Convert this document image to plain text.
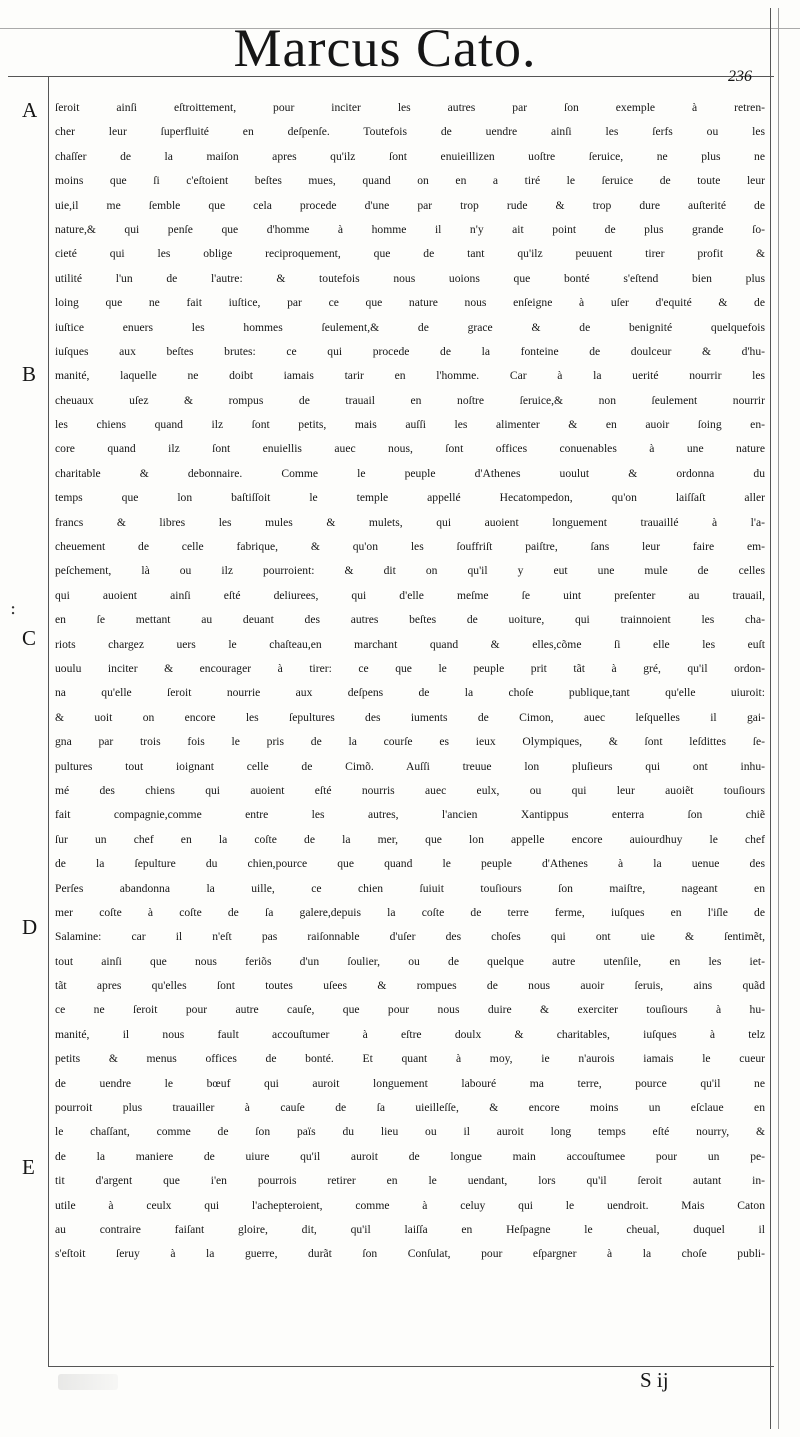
Marcus Cato.	236
A
B
:
C
D
E
ſeroit ainſi eſtroittement, pour inciter les autres par ſon exemple à retren-
cher leur ſuperfluité en deſpenſe. Toutefois de uendre ainſi les ſerfs ou les
chaſſer de la maiſon apres qu'ilz ſont enuieillizen uoſtre ſeruice, ne plus ne
moins que ſi c'eſtoient beſtes mues, quand on en a tiré le ſeruice de toute leur
uie,il me ſemble que cela procede d'une par trop rude & trop dure auſterité de
nature,& qui penſe que d'homme à homme il n'y ait point de plus grande ſo-
cieté qui les oblige reciproquement, que de tant qu'ilz peuuent tirer profit &
utilité l'un de l'autre: & toutefois nous uoions que bonté s'eſtend bien plus
loing que ne fait iuſtice, par ce que nature nous enſeigne à uſer d'equité & de
iuſtice enuers les hommes ſeulement,& de grace & de benignité quelquefois
iuſques aux beſtes brutes: ce qui procede de la fonteine de doulceur & d'hu-
manité, laquelle ne doibt iamais tarir en l'homme. Car à la uerité nourrir les
cheuaux uſez & rompus de trauail en noſtre ſeruice,& non ſeulement nourrir
les chiens quand ilz ſont petits, mais auſſi les alimenter & en auoir ſoing en-
core quand ilz ſont enuiellis auec nous, ſont offices conuenables à une nature
charitable & debonnaire. Comme le peuple d'Athenes uoulut & ordonna du
temps que lon baſtiſſoit le temple appellé Hecatompedon, qu'on laiſſaſt aller
francs & libres les mules & mulets, qui auoient longuement trauaillé à l'a-
cheuement de celle fabrique, & qu'on les ſouffriſt paiſtre, ſans leur faire em-
peſchement, là ou ilz pourroient: & dit on qu'il y eut une mule de celles
qui auoient ainſi eſté deliurees, qui d'elle meſme ſe uint preſenter au trauail,
en ſe mettant au deuant des autres beſtes de uoiture, qui trainnoient les cha-
riots chargez uers le chaſteau,en marchant quand & elles,cõme ſi elle les euſt
uoulu inciter & encourager à tirer: ce que le peuple prit tãt à gré, qu'il ordon-
na qu'elle ſeroit nourrie aux deſpens de la choſe publique,tant qu'elle uiuroit:
& uoit on encore les ſepultures des iuments de Cimon, auec leſquelles il gai-
gna par trois fois le pris de la courſe es ieux Olympiques, & ſont leſdittes ſe-
pultures tout ioignant celle de Cimõ. Auſſi treuue lon pluſieurs qui ont inhu-
mé des chiens qui auoient eſté nourris auec eulx, ou qui leur auoiẽt touſiours
fait compagnie,comme entre les autres, l'ancien Xantippus enterra ſon chiẽ
ſur un chef en la coſte de la mer, que lon appelle encore auiourdhuy le chef
de la ſepulture du chien,pource que quand le peuple d'Athenes à la uenue des
Perſes abandonna la uille, ce chien ſuiuit touſiours ſon maiſtre, nageant en
mer coſte à coſte de ſa galere,depuis la coſte de terre ferme, iuſques en l'iſle de
Salamine: car il n'eſt pas raiſonnable d'uſer des choſes qui ont uie & ſentimẽt,
tout ainſi que nous feriõs d'un ſoulier, ou de quelque autre utenſile, en les iet-
tãt apres qu'elles ſont toutes uſees & rompues de nous auoir ſeruis, ains quãd
ce ne ſeroit pour autre cauſe, que pour nous duire & exerciter touſiours à hu-
manité, il nous fault accouſtumer à eſtre doulx & charitables, iuſques à telz
petits & menus offices de bonté. Et quant à moy, ie n'aurois iamais le cueur
de uendre le bœuf qui auroit longuement labouré ma terre, pource qu'il ne
pourroit plus trauailler à cauſe de ſa uieilleſſe, & encore moins un eſclaue en
le chaſſant, comme de ſon païs du lieu ou il auroit long temps eſté nourry, &
de la maniere de uiure qu'il auroit de longue main accouſtumee pour un pe-
tit d'argent que i'en pourrois retirer en le uendant, lors qu'il ſeroit autant in-
utile à ceulx qui l'achepteroient, comme à celuy qui le uendroit. Mais Caton
au contraire faiſant gloire, dit, qu'il laiſſa en Heſpagne le cheual, duquel il
s'eſtoit ſeruy à la guerre, durãt ſon Conſulat, pour eſpargner à la choſe publi-
S ij
